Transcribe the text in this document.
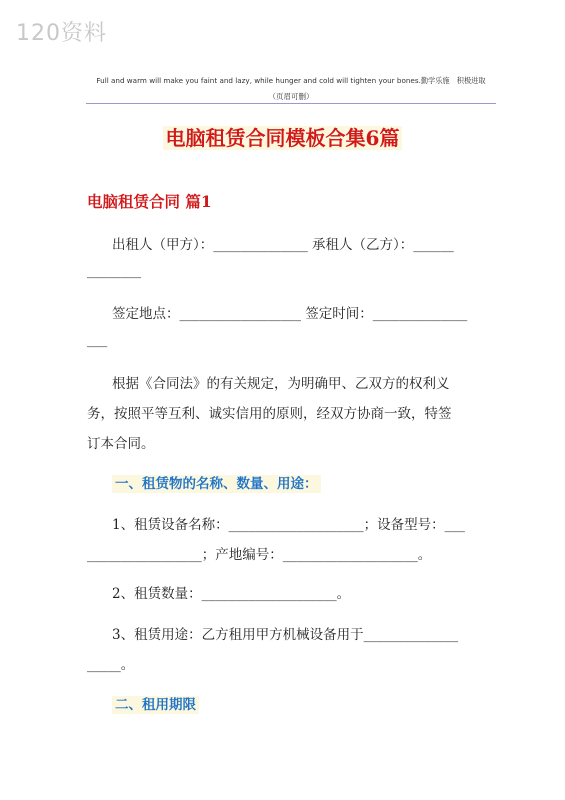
120资料
Full and warm will make you faint and lazy, while hunger and cold will tighten your bones.勤学乐施　积极进取
（页眉可删）
电脑租赁合同模板合集6篇
电脑租赁合同 篇1
出租人（甲方）：______________ 承租人（乙方）：______
________
签定地点：__________________ 签定时间：______________
___
根据《合同法》的有关规定，为明确甲、乙双方的权利义
务，按照平等互利、诚实信用的原则，经双方协商一致，特签
订本合同。
一、租赁物的名称、数量、用途：
1、租赁设备名称：____________________；设备型号：___
_________________；产地编号：____________________。
2、租赁数量：____________________。
3、租赁用途：乙方租用甲方机械设备用于______________
_____。
二、租用期限
